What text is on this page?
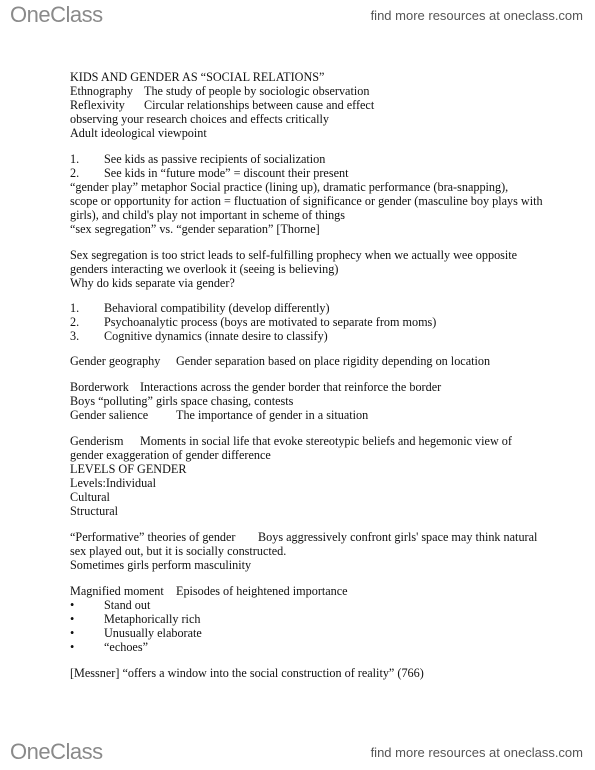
OneClass	find more resources at oneclass.com
KIDS AND GENDER AS “SOCIAL RELATIONS”
Ethnography The study of people by sociologic observation
Reflexivity Circular relationships between cause and effect
observing your research choices and effects critically
Adult ideological viewpoint
1. See kids as passive recipients of socialization
2. See kids in “future mode” = discount their present
“gender play” metaphor Social practice (lining up), dramatic performance (bra-snapping),
scope or opportunity for action = fluctuation of significance or gender (masculine boy plays with
girls), and child's play not important in scheme of things
“sex segregation” vs. “gender separation” [Thorne]
Sex segregation is too strict leads to self-fulfilling prophecy when we actually wee opposite
genders interacting we overlook it (seeing is believing)
Why do kids separate via gender?
1. Behavioral compatibility (develop differently)
2. Psychoanalytic process (boys are motivated to separate from moms)
3. Cognitive dynamics (innate desire to classify)
Gender geography Gender separation based on place rigidity depending on location
Borderwork Interactions across the gender border that reinforce the border
Boys “polluting” girls space chasing, contests
Gender salience The importance of gender in a situation
Genderism Moments in social life that evoke stereotypic beliefs and hegemonic view of
gender exaggeration of gender difference
LEVELS OF GENDER
Levels:Individual
Cultural
Structural
“Performative” theories of gender Boys aggressively confront girls' space may think natural
sex played out, but it is socially constructed.
Sometimes girls perform masculinity
Magnified moment Episodes of heightened importance
• Stand out
• Metaphorically rich
• Unusually elaborate
• “echoes”
[Messner] “offers a window into the social construction of reality” (766)
OneClass	find more resources at oneclass.com
